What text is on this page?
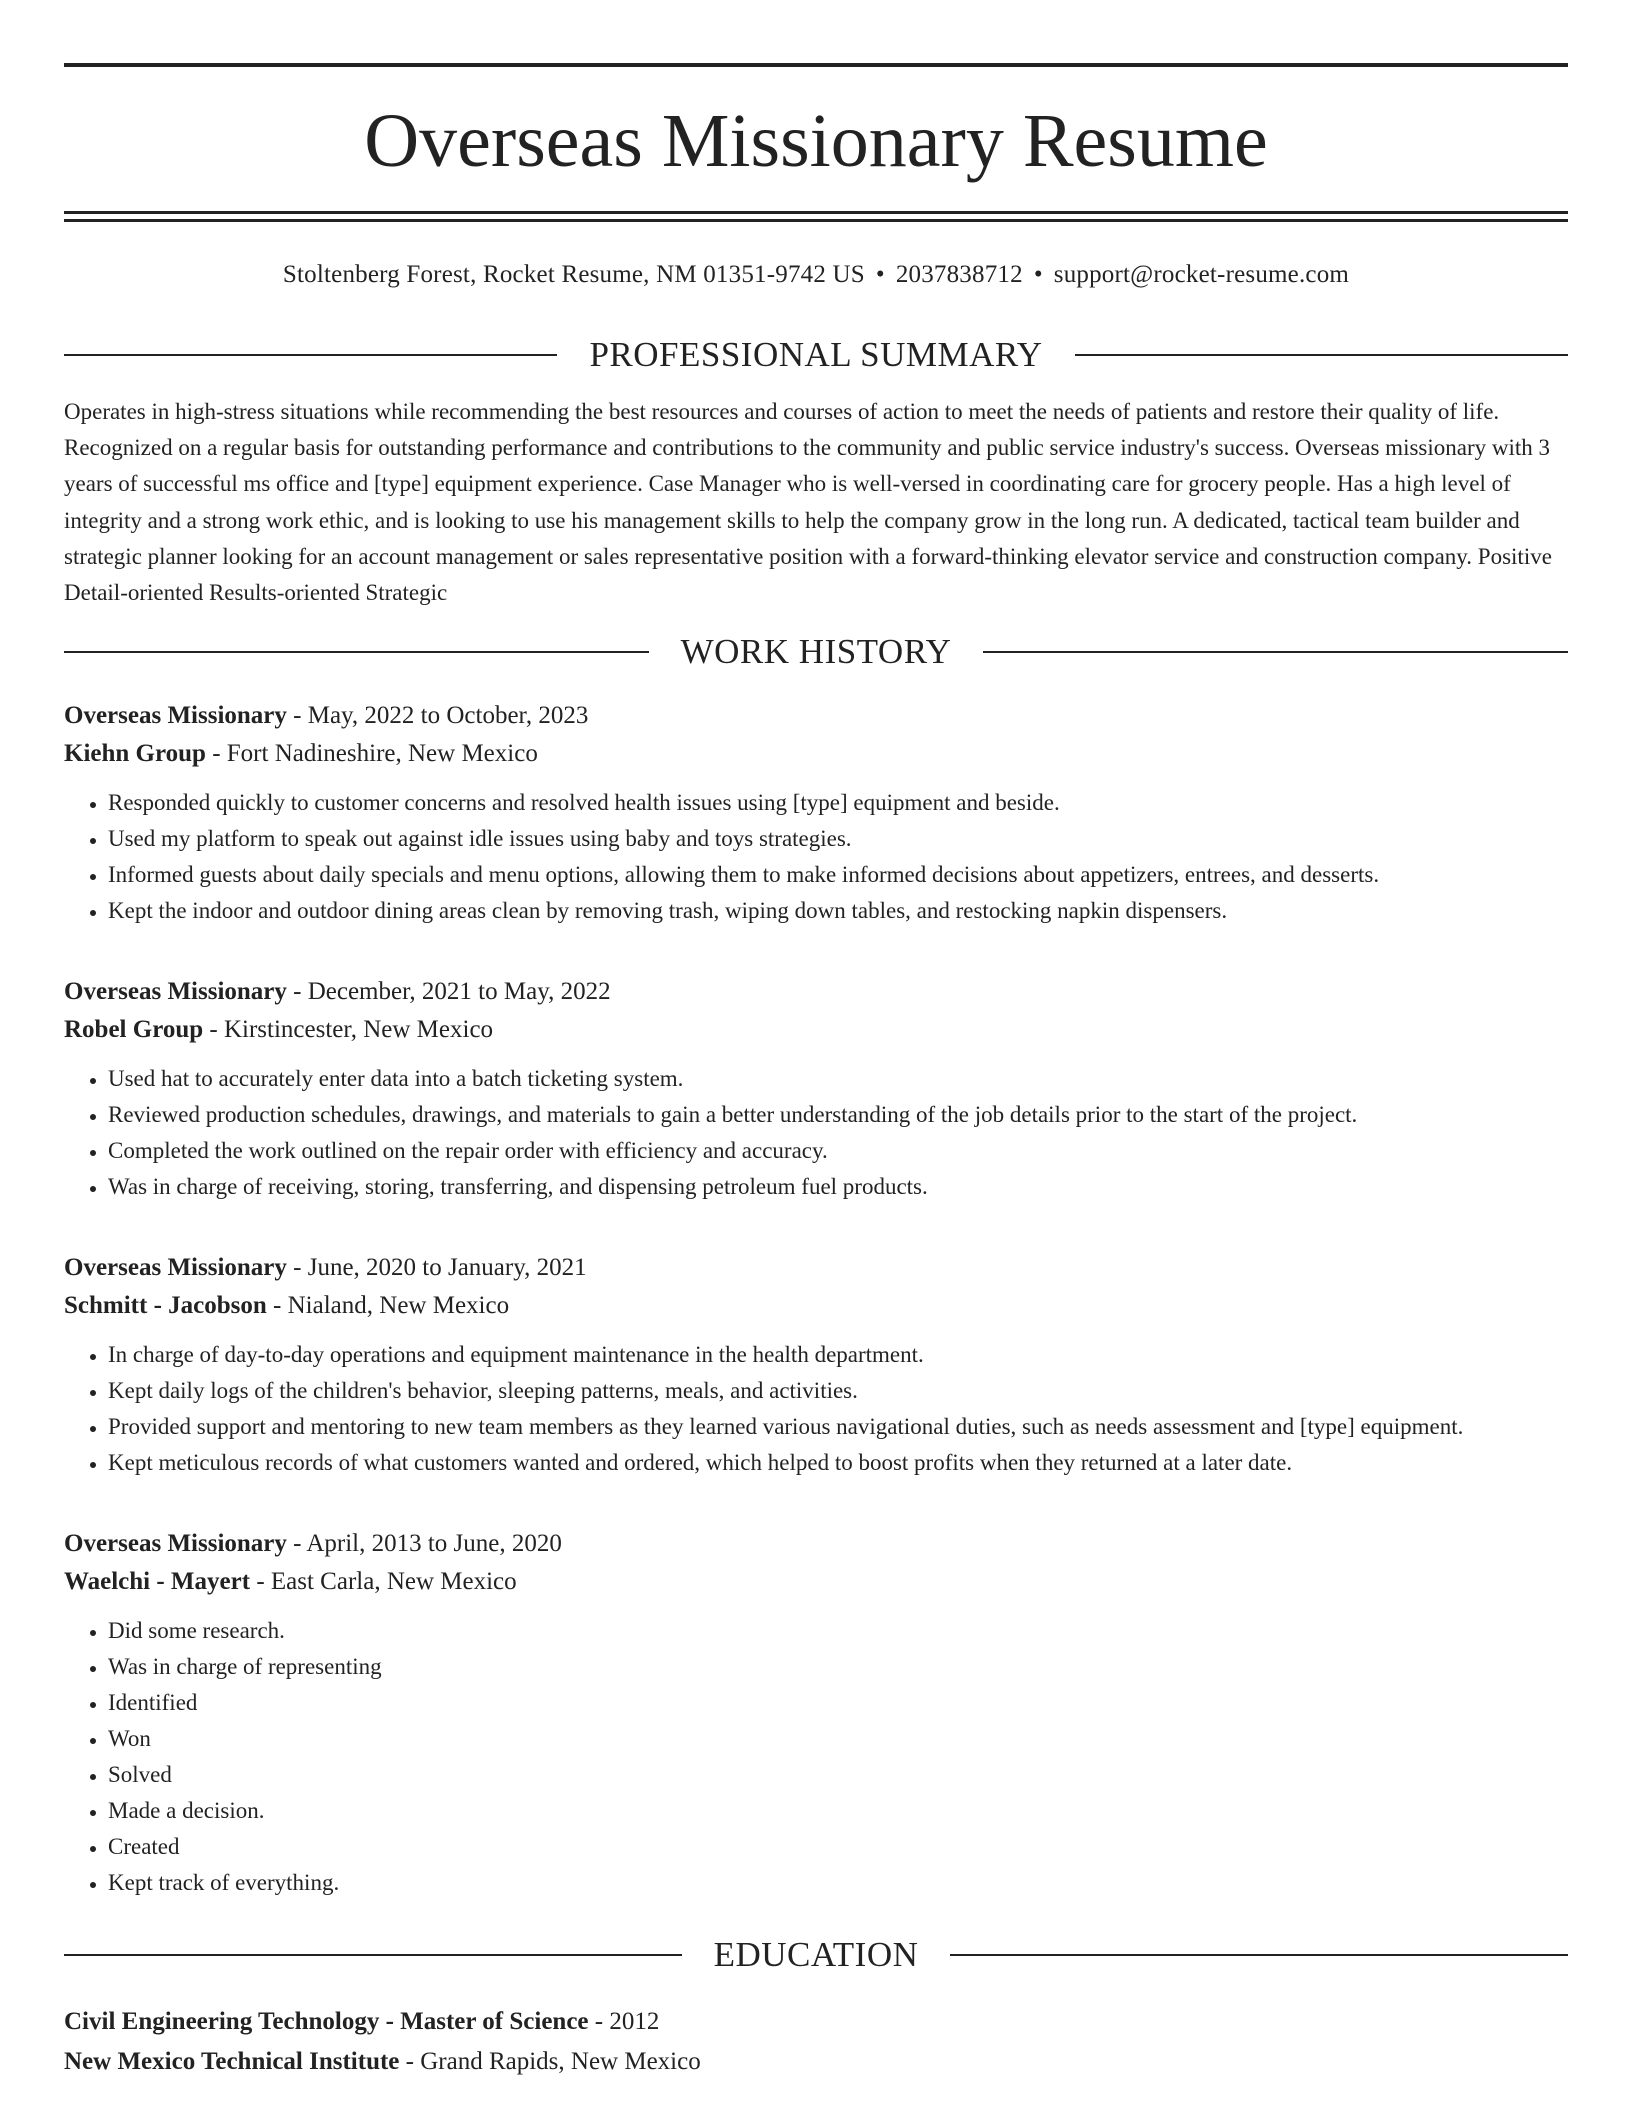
Overseas Missionary Resume
Stoltenberg Forest, Rocket Resume, NM 01351-9742 US • 2037838712 • support@rocket-resume.com
PROFESSIONAL SUMMARY

Operates in high-stress situations while recommending the best resources and courses of action to meet the needs of patients and restore their quality of life. Recognized on a regular basis for outstanding performance and contributions to the community and public service industry's success. Overseas missionary with 3 years of successful ms office and [type] equipment experience. Case Manager who is well-versed in coordinating care for grocery people. Has a high level of integrity and a strong work ethic, and is looking to use his management skills to help the company grow in the long run. A dedicated, tactical team builder and strategic planner looking for an account management or sales representative position with a forward-thinking elevator service and construction company. Positive Detail-oriented Results-oriented Strategic

WORK HISTORY
Overseas Missionary - May, 2022 to October, 2023
Kiehn Group - Fort Nadineshire, New Mexico
• Responded quickly to customer concerns and resolved health issues using [type] equipment and beside.
• Used my platform to speak out against idle issues using baby and toys strategies.
• Informed guests about daily specials and menu options, allowing them to make informed decisions about appetizers, entrees, and desserts.
• Kept the indoor and outdoor dining areas clean by removing trash, wiping down tables, and restocking napkin dispensers.
Overseas Missionary - December, 2021 to May, 2022
Robel Group - Kirstincester, New Mexico
• Used hat to accurately enter data into a batch ticketing system.
• Reviewed production schedules, drawings, and materials to gain a better understanding of the job details prior to the start of the project.
• Completed the work outlined on the repair order with efficiency and accuracy.
• Was in charge of receiving, storing, transferring, and dispensing petroleum fuel products.
Overseas Missionary - June, 2020 to January, 2021
Schmitt - Jacobson - Nialand, New Mexico
• In charge of day-to-day operations and equipment maintenance in the health department.
• Kept daily logs of the children's behavior, sleeping patterns, meals, and activities.
• Provided support and mentoring to new team members as they learned various navigational duties, such as needs assessment and [type] equipment.
• Kept meticulous records of what customers wanted and ordered, which helped to boost profits when they returned at a later date.
Overseas Missionary - April, 2013 to June, 2020
Waelchi - Mayert - East Carla, New Mexico
• Did some research.
• Was in charge of representing
• Identified
• Won
• Solved
• Made a decision.
• Created
• Kept track of everything.
EDUCATION
Civil Engineering Technology - Master of Science - 2012
New Mexico Technical Institute - Grand Rapids, New Mexico
